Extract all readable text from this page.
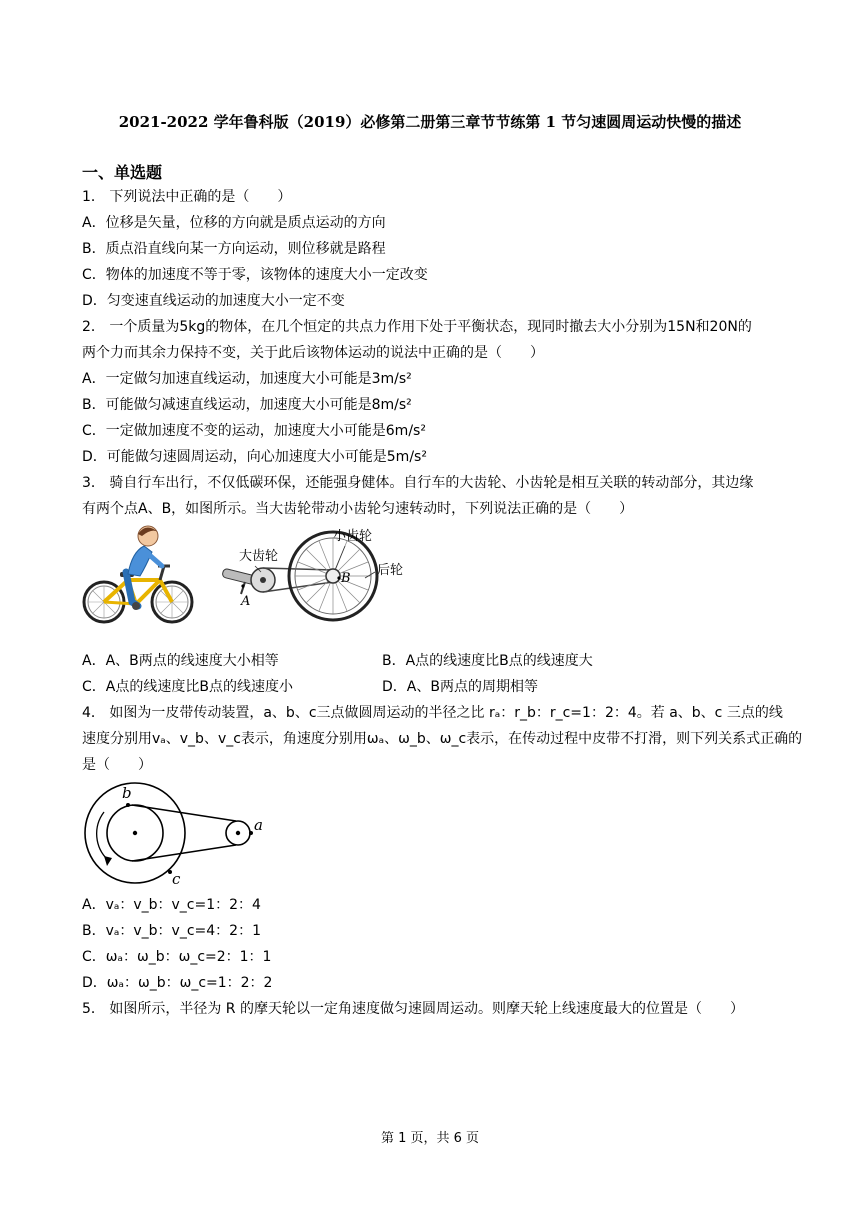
2021-2022 学年鲁科版（2019）必修第二册第三章节节练第 1 节匀速圆周运动快慢的描述
一、单选题
1． 下列说法中正确的是（　　）
A．位移是矢量，位移的方向就是质点运动的方向
B．质点沿直线向某一方向运动，则位移就是路程
C．物体的加速度不等于零，该物体的速度大小一定改变
D．匀变速直线运动的加速度大小一定不变
2． 一个质量为5kg的物体，在几个恒定的共点力作用下处于平衡状态，现同时撤去大小分别为15N和20N的
两个力而其余力保持不变，关于此后该物体运动的说法中正确的是（　　）
A．一定做匀加速直线运动，加速度大小可能是3m/s²
B．可能做匀减速直线运动，加速度大小可能是8m/s²
C．一定做加速度不变的运动，加速度大小可能是6m/s²
D．可能做匀速圆周运动，向心加速度大小可能是5m/s²
3． 骑自行车出行，不仅低碳环保，还能强身健体。自行车的大齿轮、小齿轮是相互关联的转动部分，其边缘
有两个点A、B，如图所示。当大齿轮带动小齿轮匀速转动时，下列说法正确的是（　　）
大齿轮
小齿轮
后轮
A
B
A．A、B两点的线速度大小相等	B．A点的线速度比B点的线速度大
C．A点的线速度比B点的线速度小	D．A、B两点的周期相等
4． 如图为一皮带传动装置，a、b、c三点做圆周运动的半径之比 rₐ：r_b：r_c=1：2：4。若 a、b、c 三点的线
速度分别用vₐ、v_b、v_c表示，角速度分别用ωₐ、ω_b、ω_c表示，在传动过程中皮带不打滑，则下列关系式正确的
是（　　）
b
a
c
A．vₐ：v_b：v_c=1：2：4
B．vₐ：v_b：v_c=4：2：1
C．ωₐ：ω_b：ω_c=2：1：1
D．ωₐ：ω_b：ω_c=1：2：2
5． 如图所示，半径为 R 的摩天轮以一定角速度做匀速圆周运动。则摩天轮上线速度最大的位置是（　　）
第 1 页，共 6 页
